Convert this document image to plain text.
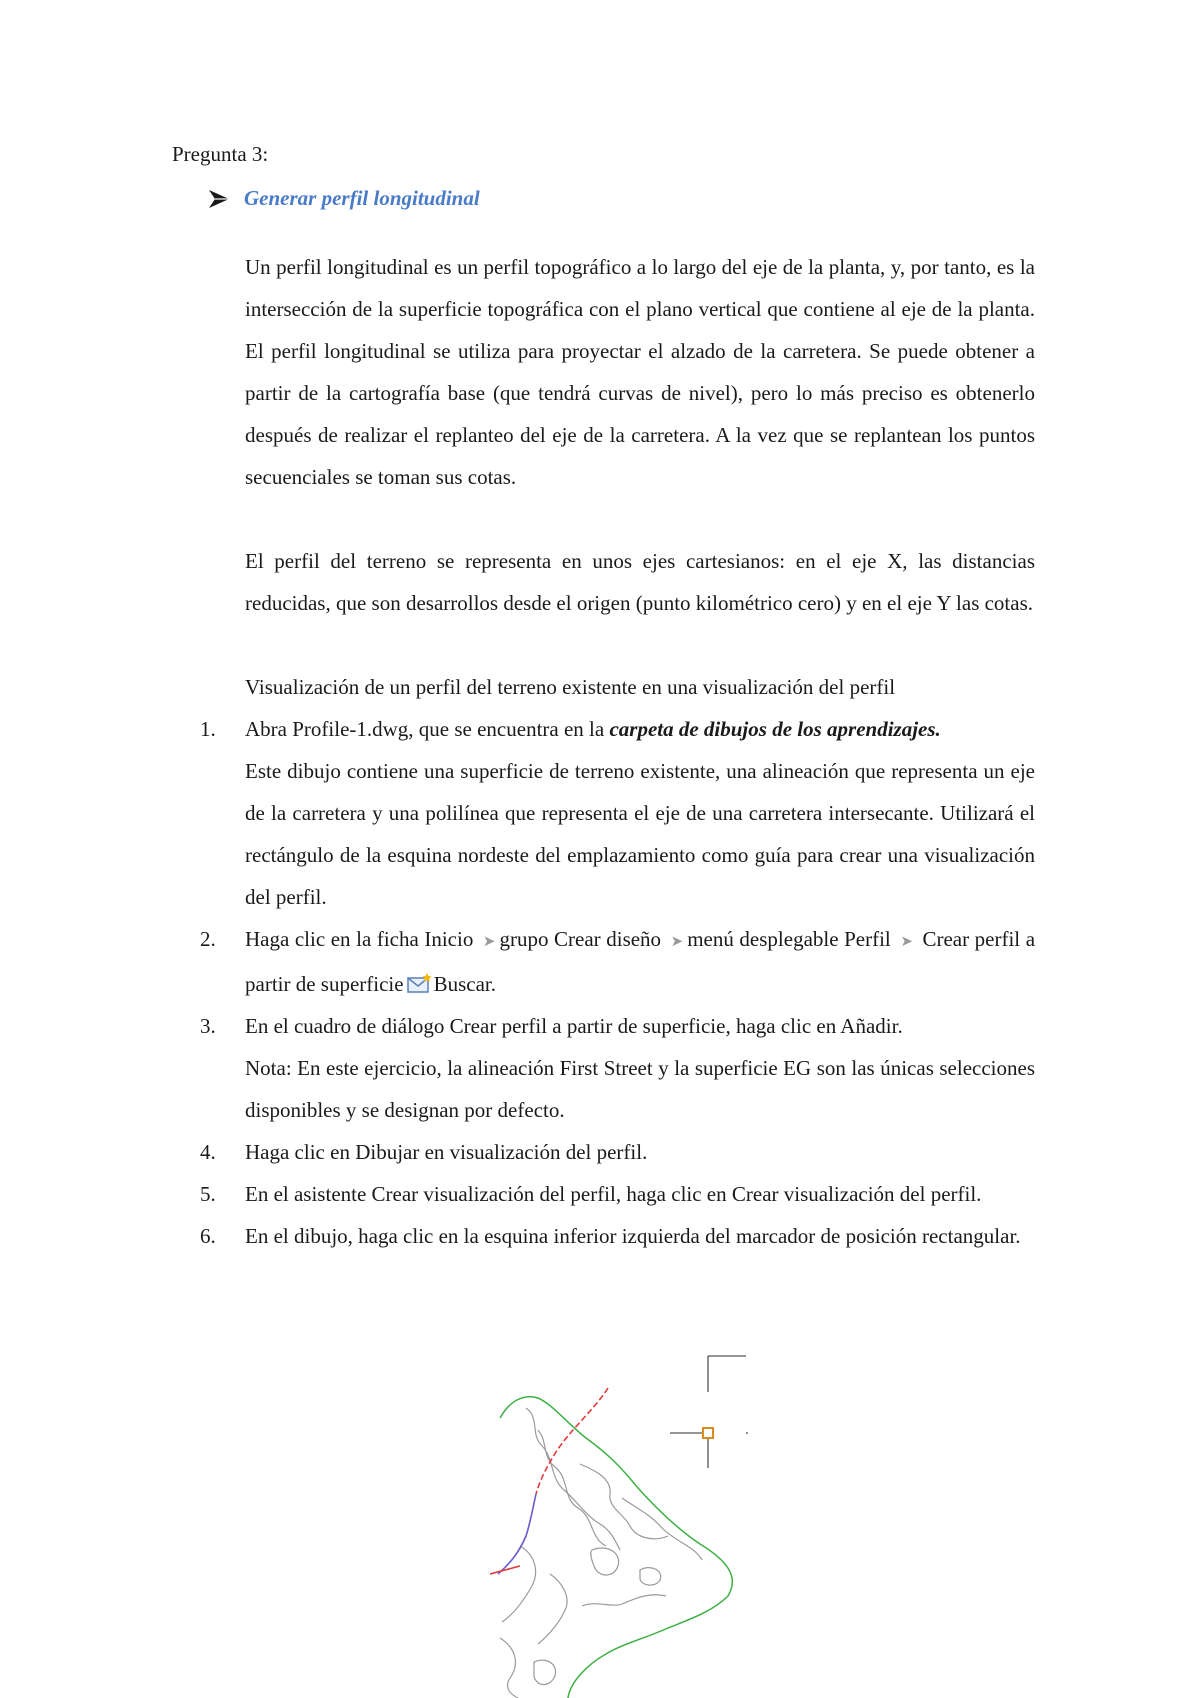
Pregunta 3:

Generar perfil longitudinal

Un perfil longitudinal es un perfil topográfico a lo largo del eje de la planta, y, por tanto, es la intersección de la superficie topográfica con el plano vertical que contiene al eje de la planta. El perfil longitudinal se utiliza para proyectar el alzado de la carretera. Se puede obtener a partir de la cartografía base (que tendrá curvas de nivel), pero lo más preciso es obtenerlo después de realizar el replanteo del eje de la carretera. A la vez que se replantean los puntos secuenciales se toman sus cotas.

El perfil del terreno se representa en unos ejes cartesianos: en el eje X, las distancias reducidas, que son desarrollos desde el origen (punto kilométrico cero) y en el eje Y las cotas.

Visualización de un perfil del terreno existente en una visualización del perfil

1.	Abra Profile-1.dwg, que se encuentra en la carpeta de dibujos de los aprendizajes.
Este dibujo contiene una superficie de terreno existente, una alineación que representa un eje de la carretera y una polilínea que representa el eje de una carretera intersecante. Utilizará el rectángulo de la esquina nordeste del emplazamiento como guía para crear una visualización del perfil.
2.	Haga clic en la ficha Inicio ➤ grupo Crear diseño ➤ menú desplegable Perfil ➤ Crear perfil a partir de superficie Buscar.
3.	En el cuadro de diálogo Crear perfil a partir de superficie, haga clic en Añadir.
Nota: En este ejercicio, la alineación First Street y la superficie EG son las únicas selecciones disponibles y se designan por defecto.
4.	Haga clic en Dibujar en visualización del perfil.
5.	En el asistente Crear visualización del perfil, haga clic en Crear visualización del perfil.
6.	En el dibujo, haga clic en la esquina inferior izquierda del marcador de posición rectangular.
